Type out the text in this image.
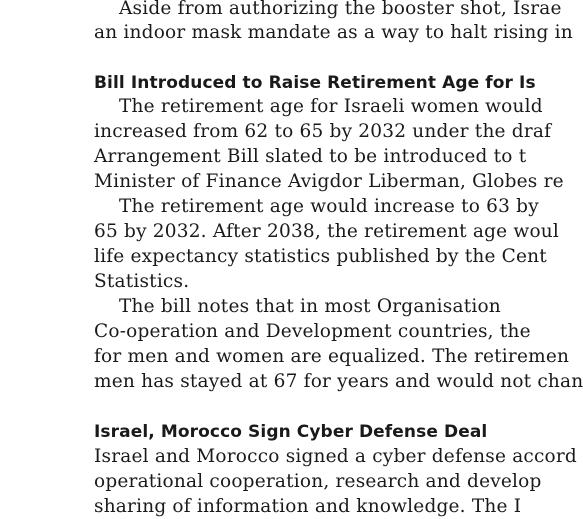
Aside from authorizing the booster shot, Israe
an indoor mask mandate as a way to halt rising in
Bill Introduced to Raise Retirement Age for Is
The retirement age for Israeli women would
increased from 62 to 65 by 2032 under the draf
Arrangement Bill slated to be introduced to t
Minister of Finance Avigdor Liberman, Globes re
The retirement age would increase to 63 by
65 by 2032. After 2038, the retirement age woul
life expectancy statistics published by the Cent
Statistics.
The bill notes that in most Organisation
Co-operation and Development countries, the
for men and women are equalized. The retiremen
men has stayed at 67 for years and would not chan
Israel, Morocco Sign Cyber Defense Deal
Israel and Morocco signed a cyber defense accord
operational cooperation, research and develop
sharing of information and knowledge. The I
